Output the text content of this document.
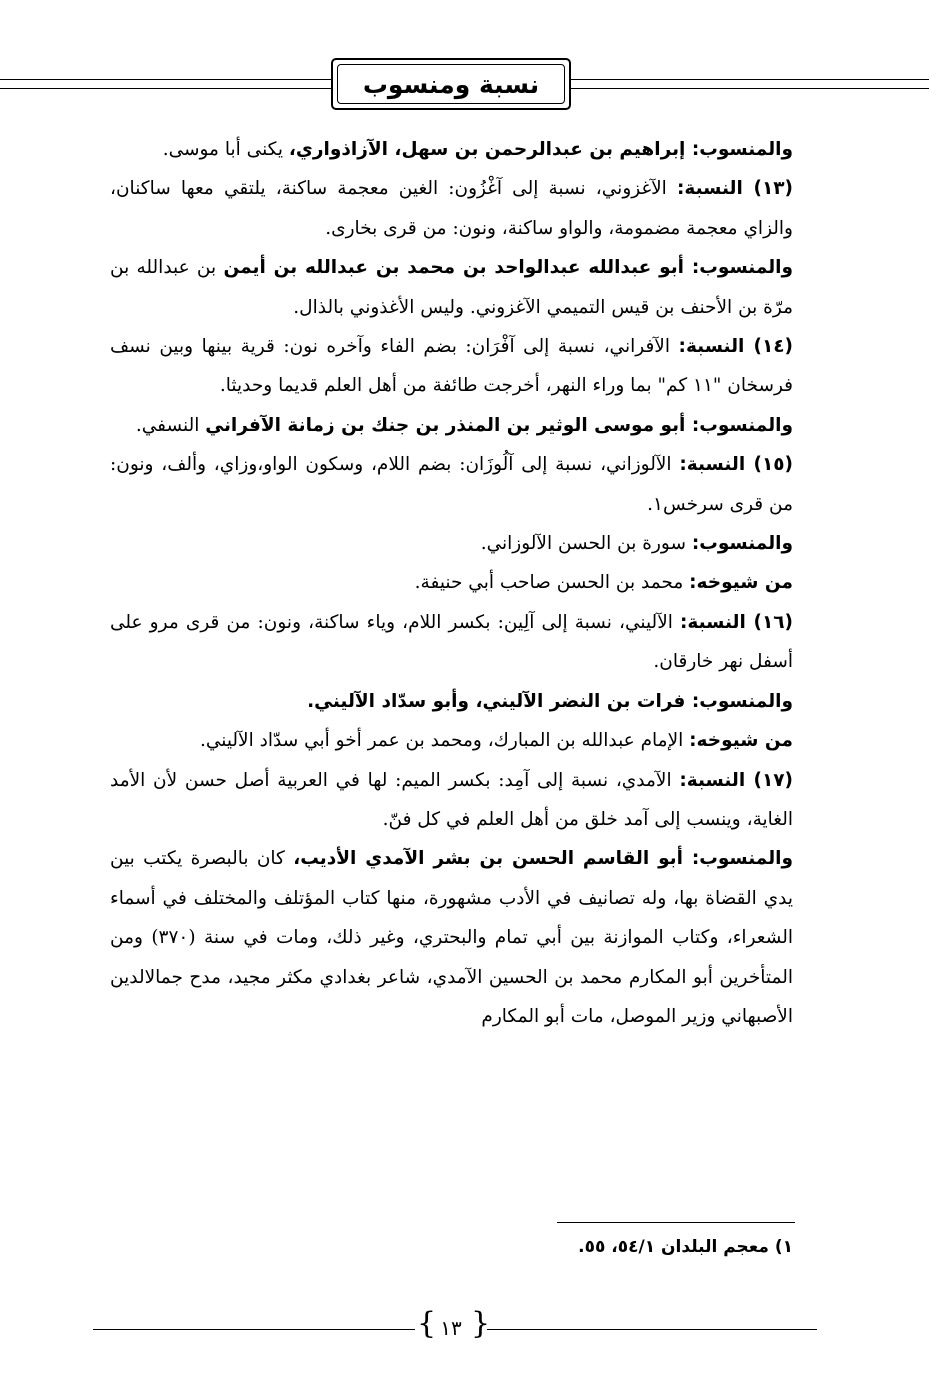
نسبة ومنسوب

والمنسوب: إبراهيم بن عبدالرحمن بن سهل، الآزاذواري، يكنى أبا موسى.

(١٣) النسبة: الآغزوني، نسبة إلى آغْزُون: الغين معجمة ساكنة، يلتقي معها ساكنان، والزاي معجمة مضمومة، والواو ساكنة، ونون: من قرى بخارى.

والمنسوب: أبو عبدالله عبدالواحد بن محمد بن عبدالله بن أيمن بن عبدالله بن مرّة بن الأحنف بن قيس التميمي الآغزوني. وليس الأغذوني بالذال.

(١٤) النسبة: الآفراني، نسبة إلى آفْرَان: بضم الفاء وآخره نون: قرية بينها وبين نسف فرسخان "١١ كم" بما وراء النهر، أخرجت طائفة من أهل العلم قديما وحديثا.

والمنسوب: أبو موسى الوثير بن المنذر بن جنك بن زمانة الآفراني النسفي.

(١٥) النسبة: الآلوزاني، نسبة إلى آلُوزَان: بضم اللام، وسكون الواو،وزاي، وألف، ونون: من قرى سرخس١.

والمنسوب: سورة بن الحسن الآلوزاني.

من شيوخه: محمد بن الحسن صاحب أبي حنيفة.

(١٦) النسبة: الآليني، نسبة إلى آلِين: بكسر اللام، وياء ساكنة، ونون: من قرى مرو على أسفل نهر خارقان.

والمنسوب: فرات بن النضر الآليني، وأبو سدّاد الآليني.

من شيوخه: الإمام عبدالله بن المبارك، ومحمد بن عمر أخو أبي سدّاد الآليني.

(١٧) النسبة: الآمدي، نسبة إلى آمِد: بكسر الميم: لها في العربية أصل حسن لأن الأمد الغاية، وينسب إلى آمد خلق من أهل العلم في كل فنّ.

والمنسوب: أبو القاسم الحسن بن بشر الآمدي الأديب، كان بالبصرة يكتب بين يدي القضاة بها، وله تصانيف في الأدب مشهورة، منها كتاب المؤتلف والمختلف في أسماء الشعراء، وكتاب الموازنة بين أبي تمام والبحتري، وغير ذلك، ومات في سنة (٣٧٠) ومن المتأخرين أبو المكارم محمد بن الحسين الآمدي، شاعر بغدادي مكثر مجيد، مدح جمالالدين الأصبهاني وزير الموصل، مات أبو المكارم

١) معجم البلدان ٥٤/١، ٥٥.
{ }
١٣
